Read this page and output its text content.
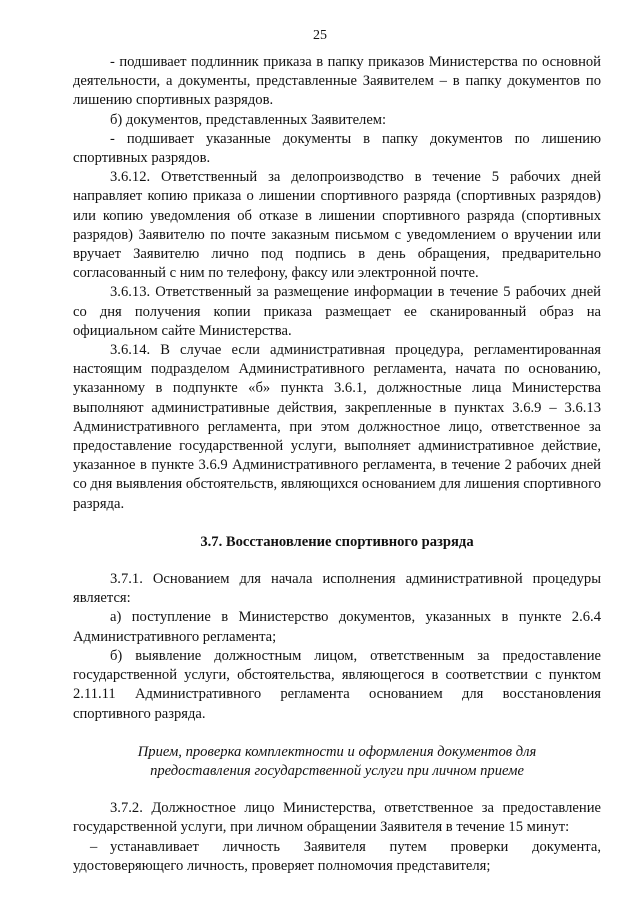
25

- подшивает подлинник приказа в папку приказов Министерства по основной деятельности, а документы, представленные Заявителем – в папку документов по лишению спортивных разрядов.

б) документов, представленных Заявителем:

- подшивает указанные документы в папку документов по лишению спортивных разрядов.

3.6.12. Ответственный за делопроизводство в течение 5 рабочих дней направляет копию приказа о лишении спортивного разряда (спортивных разрядов) или копию уведомления об отказе в лишении спортивного разряда (спортивных разрядов) Заявителю по почте заказным письмом с уведомлением о вручении или вручает Заявителю лично под подпись в день обращения, предварительно согласованный с ним по телефону, факсу или электронной почте.

3.6.13. Ответственный за размещение информации в течение 5 рабочих дней со дня получения копии приказа размещает ее сканированный образ на официальном сайте Министерства.

3.6.14. В случае если административная процедура, регламентированная настоящим подразделом Административного регламента, начата по основанию, указанному в подпункте «б» пункта 3.6.1, должностные лица Министерства выполняют административные действия, закрепленные в пунктах 3.6.9 – 3.6.13 Административного регламента, при этом должностное лицо, ответственное за предоставление государственной услуги, выполняет административное действие, указанное в пункте 3.6.9 Административного регламента, в течение 2 рабочих дней со дня выявления обстоятельств, являющихся основанием для лишения спортивного разряда.

3.7. Восстановление спортивного разряда

3.7.1. Основанием для начала исполнения административной процедуры является:

а) поступление в Министерство документов, указанных в пункте 2.6.4 Административного регламента;

б) выявление должностным лицом, ответственным за предоставление государственной услуги, обстоятельства, являющегося в соответствии с пунктом 2.11.11 Административного регламента основанием для восстановления спортивного разряда.

Прием, проверка комплектности и оформления документов для предоставления государственной услуги при личном приеме

3.7.2. Должностное лицо Министерства, ответственное за предоставление государственной услуги, при личном обращении Заявителя в течение 15 минут:

– устанавливает личность Заявителя путем проверки документа, удостоверяющего личность, проверяет полномочия представителя;
